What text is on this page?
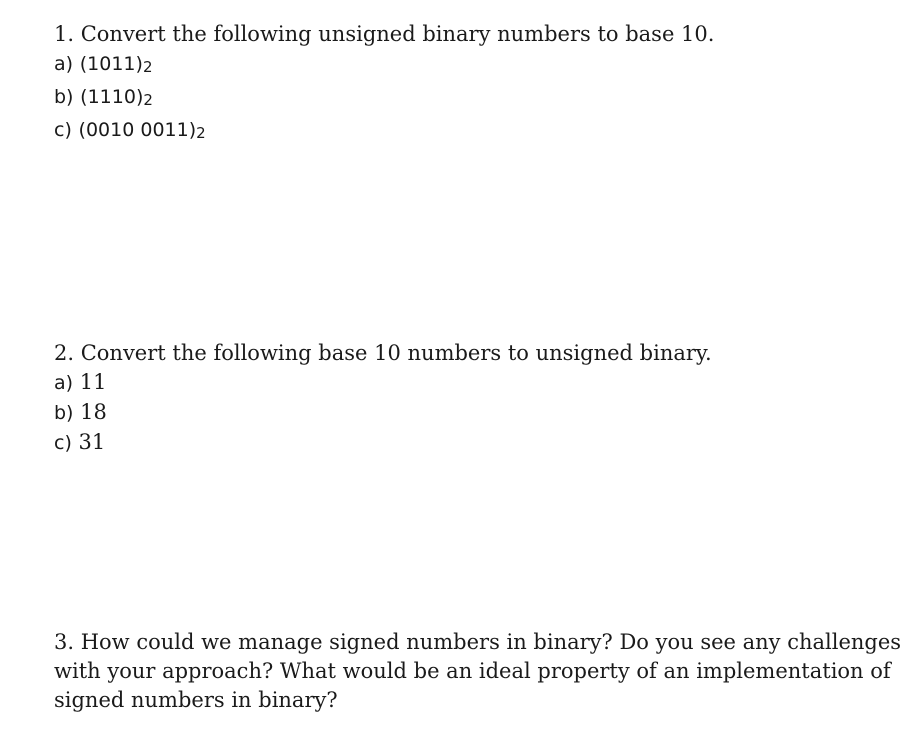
1. Convert the following unsigned binary numbers to base 10.
a) (1011)2
b) (1110)2
c) (0010 0011)2
2. Convert the following base 10 numbers to unsigned binary.
a) 11
b) 18
c) 31
3. How could we manage signed numbers in binary? Do you see any challenges with your approach? What would be an ideal property of an implementation of signed numbers in binary?
